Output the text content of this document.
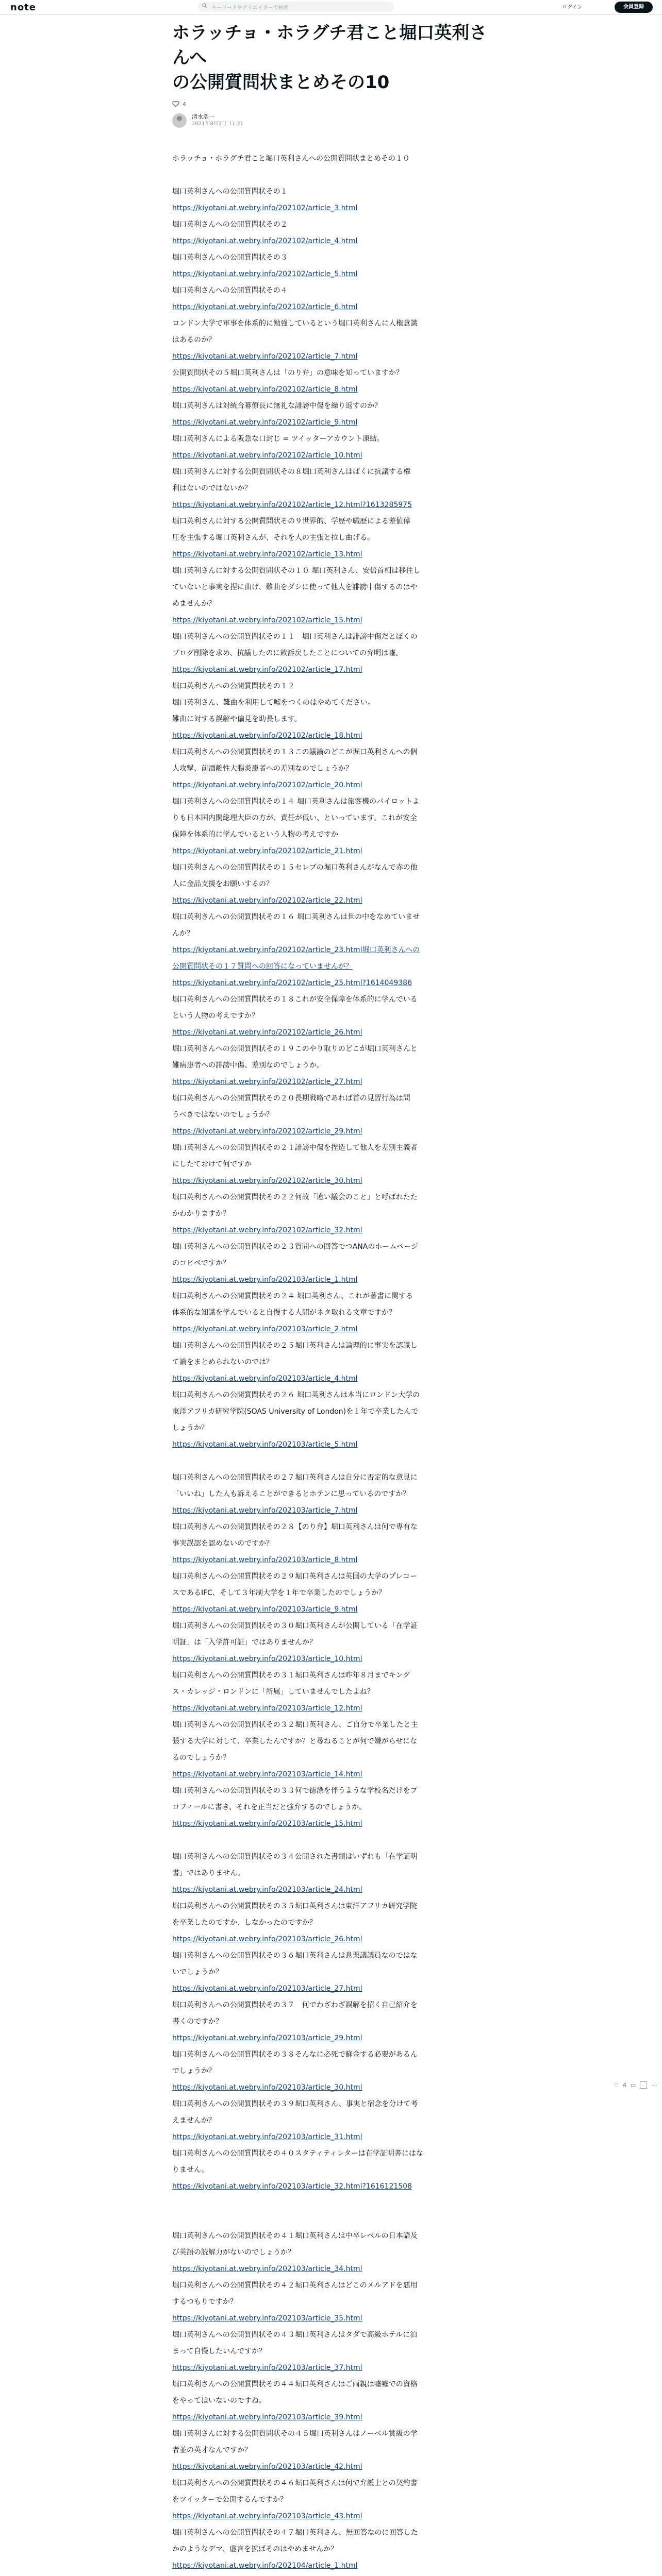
note	キーワードやクリエイターで検索	ログイン	会員登録
ホラッチョ・ホラグチ君こと堀口英利さんへ
の公開質問状まとめその10
4
清水浩一
2021年8月2日 11:21
ホラッチョ・ホラグチ君こと堀口英利さんへの公開質問状まとめその１０
堀口英利さんへの公開質問状その１
https://kiyotani.at.webry.info/202102/article_3.html
堀口英利さんへの公開質問状その２
https://kiyotani.at.webry.info/202102/article_4.html
堀口英利さんへの公開質問状その３
https://kiyotani.at.webry.info/202102/article_5.html
堀口英利さんへの公開質問状その４
https://kiyotani.at.webry.info/202102/article_6.html
ロンドン大学で軍事を体系的に勉強しているという堀口英利さんに人権意識
はあるのか？
https://kiyotani.at.webry.info/202102/article_7.html
公開質問状その５堀口英利さんは「のり弁」の意味を知っていますか？
https://kiyotani.at.webry.info/202102/article_8.html
堀口英利さんは対統合幕僚長に無礼な誹謗中傷を繰り返すのか？
https://kiyotani.at.webry.info/202102/article_9.html
堀口英利さんによる阪急な口封じ = ツイッターアカウント凍結。
https://kiyotani.at.webry.info/202102/article_10.html
堀口英利さんに対する公開質問状その８堀口英利さんはばくに抗議する権
利はないのではないか？
https://kiyotani.at.webry.info/202102/article_12.html?1613285975
堀口英利さんに対する公開質問状その９世界的、学歴や職歴による差値偉
圧を主張する堀口英利さんが、それを人の主張と拉し曲げる。
https://kiyotani.at.webry.info/202102/article_13.html
堀口英利さんに対する公開質問状その１０ 堀口英利さん、安倍首相は移住し
ていないと事実を捏に曲げ、難曲をダシに使って他人を誹謗中傷するのはや
めませんか？
https://kiyotani.at.webry.info/202102/article_15.html
堀口英利さんへの公開質問状その１１　堀口英利さんは誹謗中傷だとぼくの
ブログ削除を求め、抗議したのに敗訴戻したことについての弁明は嘘。
https://kiyotani.at.webry.info/202102/article_17.html
堀口英利さんへの公開質問状その１２
堀口英利さん、難曲を利用して嘘をつくのはやめてください。
難曲に対する誤解や偏見を助長します。
https://kiyotani.at.webry.info/202102/article_18.html
堀口英利さんへの公開質問状その１３この議論のどこが堀口英利さんへの個
人攻撃、前酒離性大腸炎患者への差別なのでしょうか？
https://kiyotani.at.webry.info/202102/article_20.html
堀口英利さんへの公開質問状その１４ 堀口英利さんは旅客機のパイロットよ
りも日本国内閣総理大臣の方が、責任が低い、といっています。これが安全
保障を体系的に学んでいるという人物の考えですか
https://kiyotani.at.webry.info/202102/article_21.html
堀口英利さんへの公開質問状その１５セレブの堀口英利さんがなんで赤の他
人に金品支援をお願いするの？
https://kiyotani.at.webry.info/202102/article_22.html
堀口英利さんへの公開質問状その１６ 堀口英利さんは世の中をなめていませ
んか？
https://kiyotani.at.webry.info/202102/article_23.html堀口英利さんへの
公開質問状その１７質問への回答になっていませんが？
https://kiyotani.at.webry.info/202102/article_25.html?1614049386
堀口英利さんへの公開質問状その１８これが安全保障を体系的に学んでいる
という人物の考えですか？
https://kiyotani.at.webry.info/202102/article_26.html
堀口英利さんへの公開質問状その１９このやり取りのどこが堀口英利さんと
難病患者への誹謗中傷、差別なのでしょうか。
https://kiyotani.at.webry.info/202102/article_27.html
堀口英利さんへの公開質問状その２０長期戦略であれば首の見習行為は問
うべきではないのでしょうか？
https://kiyotani.at.webry.info/202102/article_29.html
堀口英利さんへの公開質問状その２１誹謗中傷を捏造して他人を差別主義者
にしたておけて何ですか
https://kiyotani.at.webry.info/202102/article_30.html
堀口英利さんへの公開質問状その２２何故「違い議会のこと」と呼ばれたた
かわかりますか？
https://kiyotani.at.webry.info/202102/article_32.html
堀口英利さんへの公開質問状その２３質問への回答でつANAのホームページ
のコピペですか？
https://kiyotani.at.webry.info/202103/article_1.html
堀口英利さんへの公開質問状その２４ 堀口英利さん、これが著書に関する
体系的な知識を学んでいると自慢する人間がネタ取れる文章ですか？
https://kiyotani.at.webry.info/202103/article_2.html
堀口英利さんへの公開質問状その２５堀口英利さんは論理的に事実を認識し
て論をまとめられないのでは？
https://kiyotani.at.webry.info/202103/article_4.html
堀口英利さんへの公開質問状その２６ 堀口英利さんは本当にロンドン大学の
東洋アフリカ研究学院(SOAS University of London)を１年で卒業したんで
しょうか？
https://kiyotani.at.webry.info/202103/article_5.html
堀口英利さんへの公開質問状その２７堀口英利さんは自分に否定的な意見に
「いいね」した人も訴えることができるとホテンに思っているのですか？
https://kiyotani.at.webry.info/202103/article_7.html
堀口英利さんへの公開質問状その２８【のり弁】堀口英利さんは何で専有な
事実誤認を認めないのですか？
https://kiyotani.at.webry.info/202103/article_8.html
堀口英利さんへの公開質問状その２９堀口英利さんは英国の大学のプレコー
スであるIFC、そして３年制大学を１年で卒業したのでしょうか？
https://kiyotani.at.webry.info/202103/article_9.html
堀口英利さんへの公開質問状その３０堀口英利さんが公開している「在学証
明証」は「入学許可証」ではありませんか？
https://kiyotani.at.webry.info/202103/article_10.html
堀口英利さんへの公開質問状その３１堀口英利さんは昨年８月までキング
ス・カレッジ・ロンドンに「所属」していませんでしたよね？
https://kiyotani.at.webry.info/202103/article_12.html
堀口英利さんへの公開質問状その３２堀口英利さん、ご自分で卒業したと主
張する大学に対して、卒業したんですか？と尋ねることが何で嫌がらせにな
るのでしょうか？
https://kiyotani.at.webry.info/202103/article_14.html
堀口英利さんへの公開質問状その３３何で徳漂を伴うような学校名だけをプ
ロフィールに書き、それを正当だと強弁するのでしょうか。
https://kiyotani.at.webry.info/202103/article_15.html
堀口英利さんへの公開質問状その３４公開された書類はいずれも「在学証明
書」ではありません。
https://kiyotani.at.webry.info/202103/article_24.html
堀口英利さんへの公開質問状その３５堀口英利さんは東洋アフリカ研究学院
を卒業したのですか、しなかったのですか？
https://kiyotani.at.webry.info/202103/article_26.html
堀口英利さんへの公開質問状その３６堀口英利さんは息栗議議員なのではな
いでしょうか？
https://kiyotani.at.webry.info/202103/article_27.html
堀口英利さんへの公開質問状その３７　何でわざわざ誤解を招く自己紹介を
書くのですか？
https://kiyotani.at.webry.info/202103/article_29.html
堀口英利さんへの公開質問状その３８そんなに必死で蘇金する必要があるん
でしょうか？
https://kiyotani.at.webry.info/202103/article_30.html
堀口英利さんへの公開質問状その３９堀口英利さん、事実と宿念を分けて考
えませんか？
https://kiyotani.at.webry.info/202103/article_31.html
堀口英利さんへの公開質問状その４０スタティティレターは在学証明書にはな
りません。
https://kiyotani.at.webry.info/202103/article_32.html?1616121508
堀口英利さんへの公開質問状その４１堀口英利さんは中卒レベルの日本語及
び英語の読解力がないのでしょうか？
https://kiyotani.at.webry.info/202103/article_34.html
堀口英利さんへの公開質問状その４２堀口英利さんはどこのメルアドを悪用
するつもりですか？
https://kiyotani.at.webry.info/202103/article_35.html
堀口英利さんへの公開質問状その４３堀口英利さんはタダで高級ホテルに泊
まって自慢したいんですか？
https://kiyotani.at.webry.info/202103/article_37.html
堀口英利さんへの公開質問状その４４堀口英利さんはご両親は嘘嘘での資格
をやってはいないのですね。
https://kiyotani.at.webry.info/202103/article_39.html
堀口英利さんに対する公開質問状その４５堀口英利さんはノーベル賞級の学
者並の英才なんですか？
https://kiyotani.at.webry.info/202103/article_42.html
堀口英利さんへの公開質問状その４６堀口英利さんは何で弁護士との契約書
をツイッターで公開するんですか？
https://kiyotani.at.webry.info/202103/article_43.html
堀口英利さんへの公開質問状その４７堀口英利さん、無回答なのに回答した
かのようなデマ、虚言を拡ばそのはやめませんか？
https://kiyotani.at.webry.info/202104/article_1.html
♡ 4 ▭	⋯
